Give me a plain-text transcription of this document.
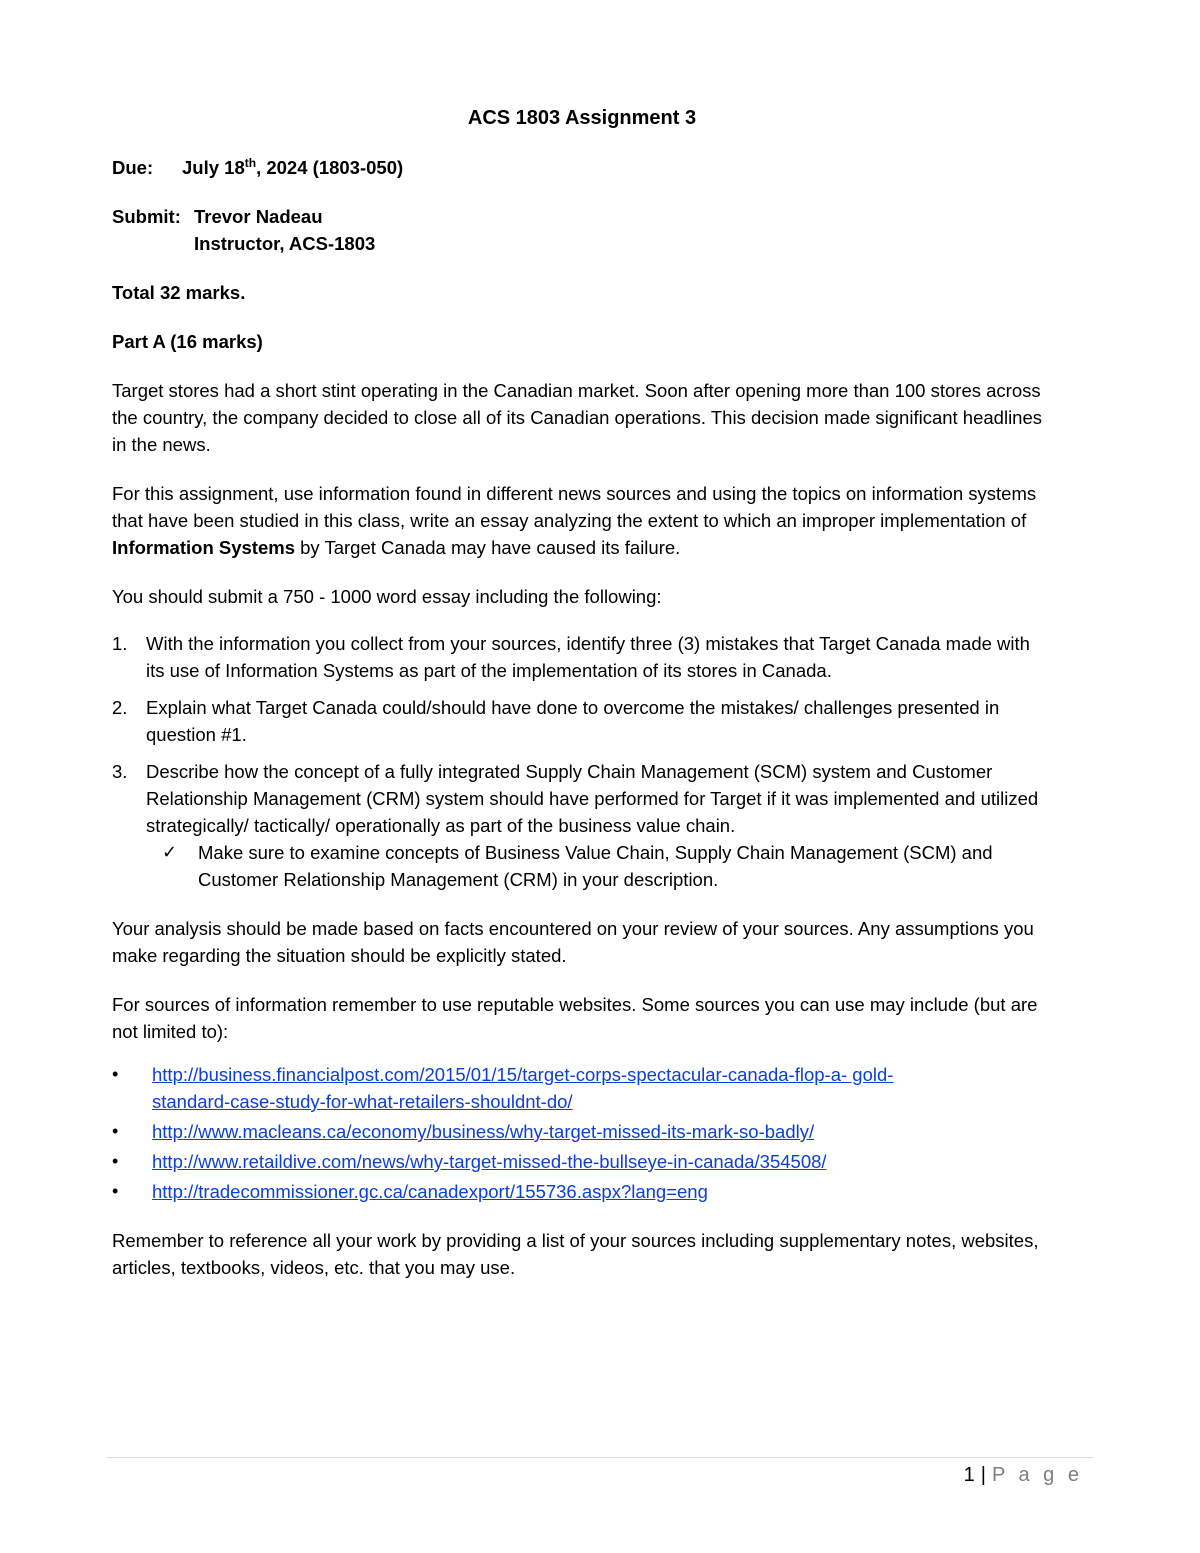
ACS 1803 Assignment 3
Due:	July 18th, 2024 (1803-050)
Submit: Trevor Nadeau
Instructor, ACS-1803

Total 32 marks.

Part A (16 marks)

Target stores had a short stint operating in the Canadian market. Soon after opening more than 100 stores across the country, the company decided to close all of its Canadian operations. This decision made significant headlines in the news.

For this assignment, use information found in different news sources and using the topics on information systems that have been studied in this class, write an essay analyzing the extent to which an improper implementation of Information Systems by Target Canada may have caused its failure.

You should submit a 750 - 1000 word essay including the following:

1.	With the information you collect from your sources, identify three (3) mistakes that Target Canada made with its use of Information Systems as part of the implementation of its stores in Canada.
2.	Explain what Target Canada could/should have done to overcome the mistakes/ challenges presented in question #1.
3.	Describe how the concept of a fully integrated Supply Chain Management (SCM) system and Customer Relationship Management (CRM) system should have performed for Target if it was implemented and utilized strategically/ tactically/ operationally as part of the business value chain.
✓	Make sure to examine concepts of Business Value Chain, Supply Chain Management (SCM) and Customer Relationship Management (CRM) in your description.

Your analysis should be made based on facts encountered on your review of your sources. Any assumptions you make regarding the situation should be explicitly stated.

For sources of information remember to use reputable websites. Some sources you can use may include (but are not limited to):

•	http://business.financialpost.com/2015/01/15/target-corps-spectacular-canada-flop-a- gold-
standard-case-study-for-what-retailers-shouldnt-do/
•	http://www.macleans.ca/economy/business/why-target-missed-its-mark-so-badly/
•	http://www.retaildive.com/news/why-target-missed-the-bullseye-in-canada/354508/
•	http://tradecommissioner.gc.ca/canadexport/155736.aspx?lang=eng

Remember to reference all your work by providing a list of your sources including supplementary notes, websites, articles, textbooks, videos, etc. that you may use.

1 | P a g e
